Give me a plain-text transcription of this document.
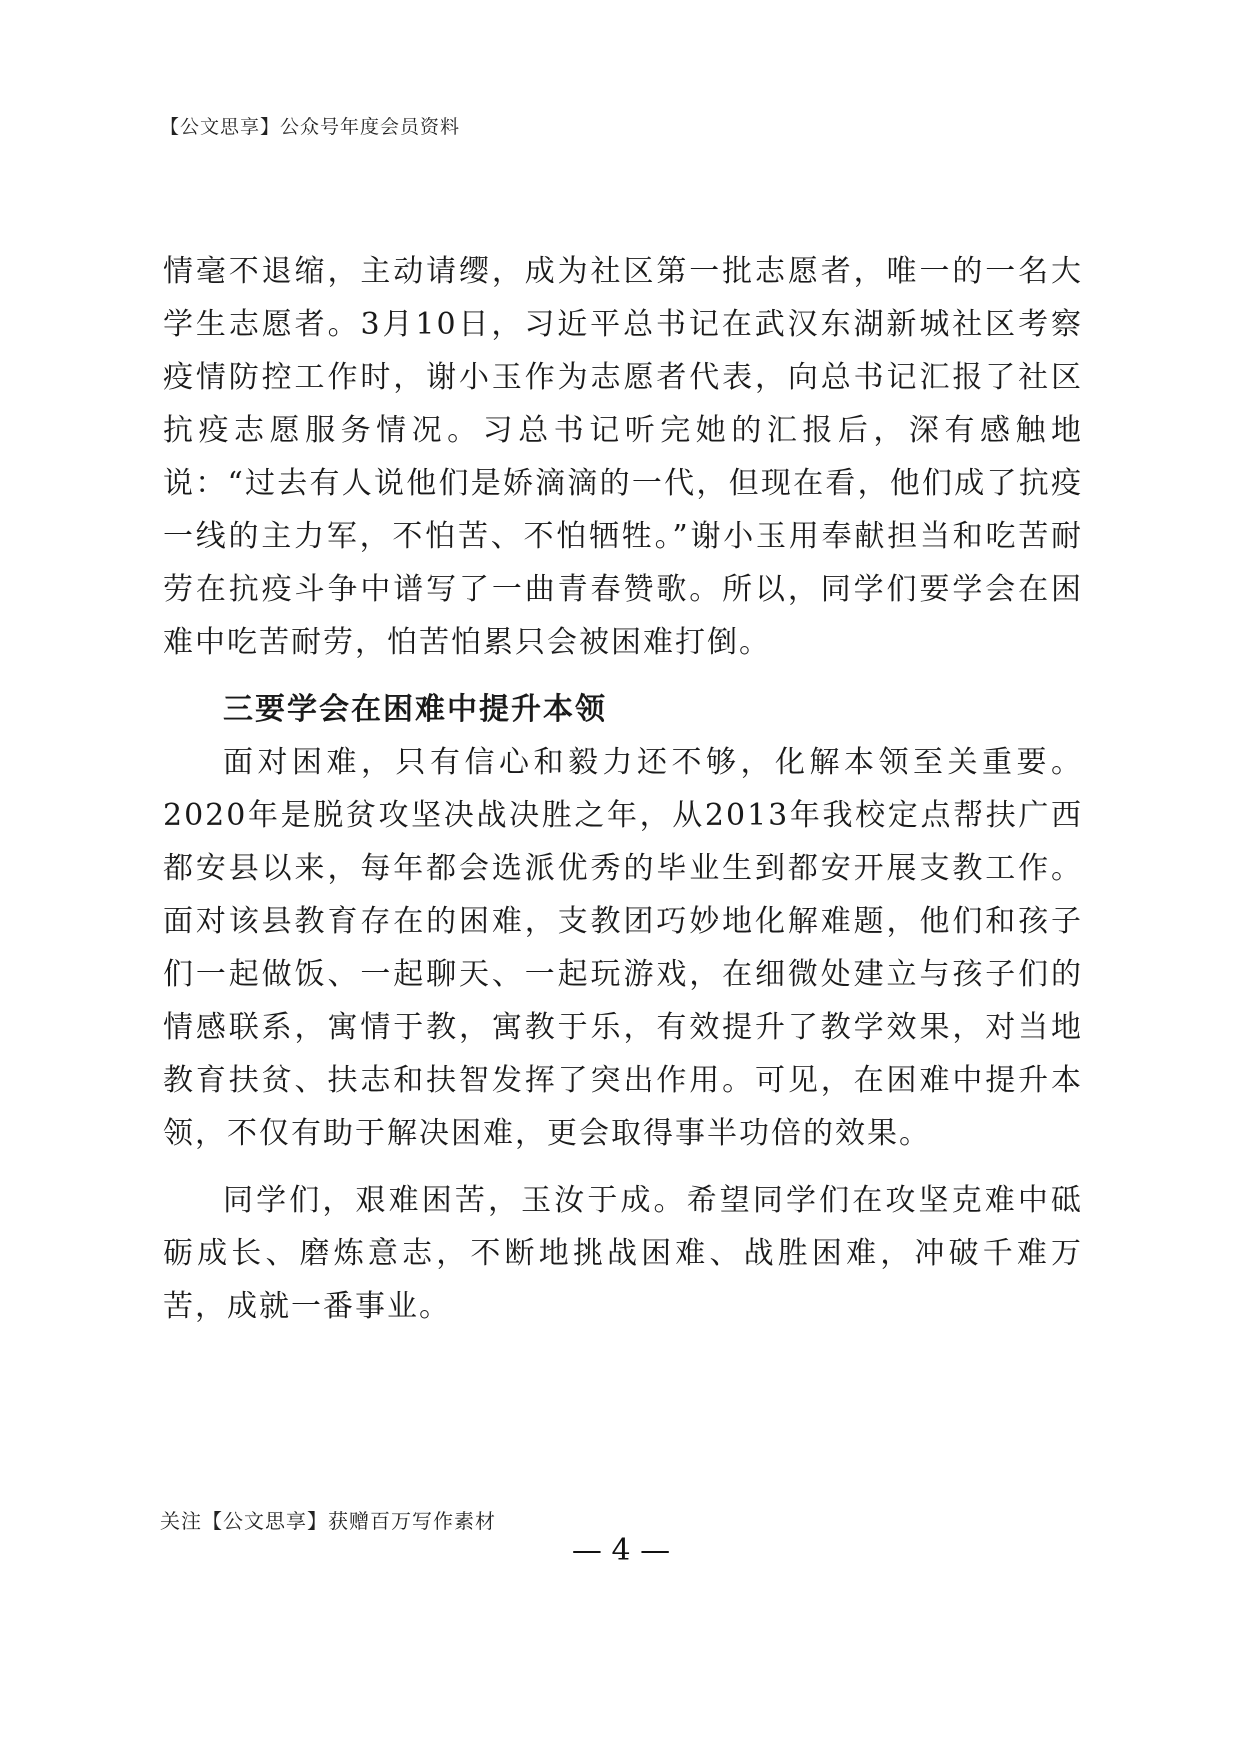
【公文思享】公众号年度会员资料

情毫不退缩，主动请缨，成为社区第一批志愿者，唯一的一名大学生志愿者。3月10日，习近平总书记在武汉东湖新城社区考察疫情防控工作时，谢小玉作为志愿者代表，向总书记汇报了社区抗疫志愿服务情况。习总书记听完她的汇报后，深有感触地说：“过去有人说他们是娇滴滴的一代，但现在看，他们成了抗疫一线的主力军，不怕苦、不怕牺牲。”谢小玉用奉献担当和吃苦耐劳在抗疫斗争中谱写了一曲青春赞歌。所以，同学们要学会在困难中吃苦耐劳，怕苦怕累只会被困难打倒。

三要学会在困难中提升本领

面对困难，只有信心和毅力还不够，化解本领至关重要。2020年是脱贫攻坚决战决胜之年，从2013年我校定点帮扶广西都安县以来，每年都会选派优秀的毕业生到都安开展支教工作。面对该县教育存在的困难，支教团巧妙地化解难题，他们和孩子们一起做饭、一起聊天、一起玩游戏，在细微处建立与孩子们的情感联系，寓情于教，寓教于乐，有效提升了教学效果，对当地教育扶贫、扶志和扶智发挥了突出作用。可见，在困难中提升本领，不仅有助于解决困难，更会取得事半功倍的效果。

同学们，艰难困苦，玉汝于成。希望同学们在攻坚克难中砥砺成长、磨炼意志，不断地挑战困难、战胜困难，冲破千难万苦，成就一番事业。

关注【公文思享】获赠百万写作素材
— 4 —
